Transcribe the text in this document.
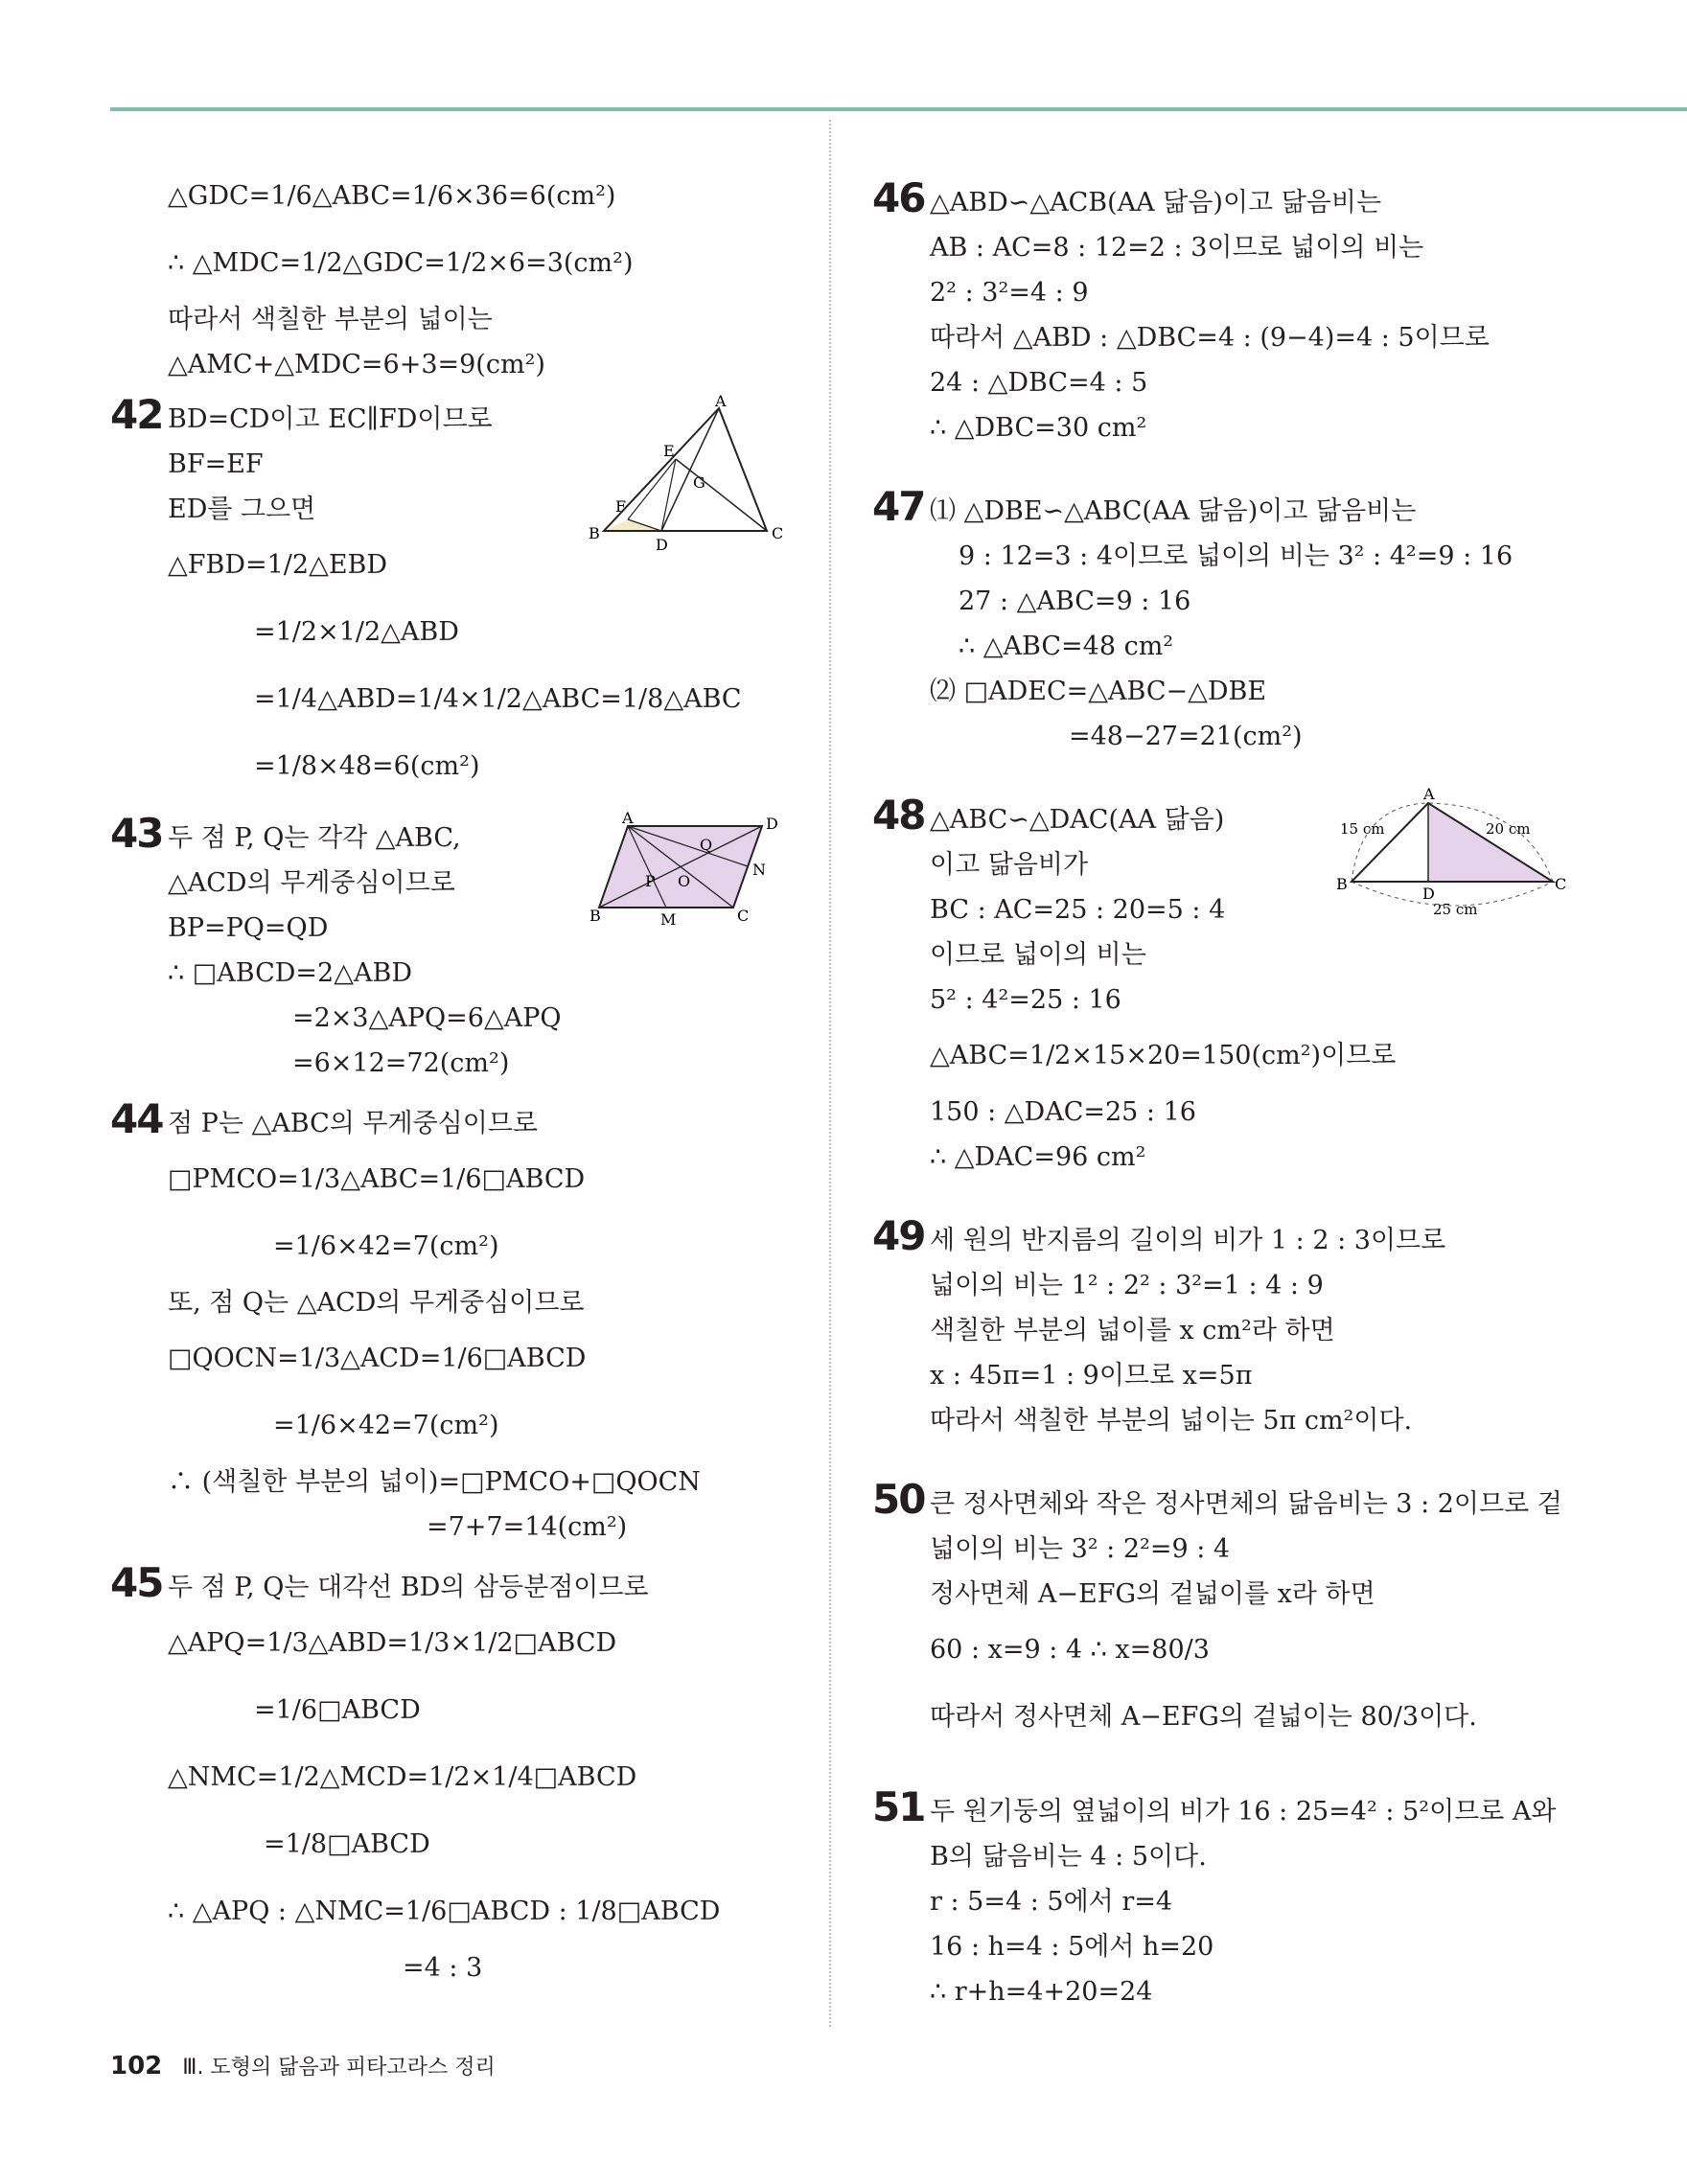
△GDC=1/6△ABC=1/6×36=6(cm²)
∴ △MDC=1/2△GDC=1/2×6=3(cm²)
따라서 색칠한 부분의 넓이는
△AMC+△MDC=6+3=9(cm²)
42 BD=CD이고 EC∥FD이므로
BF=EF
ED를 그으면
△FBD=1/2△EBD
=1/2×1/2△ABD
=1/4△ABD=1/4×1/2△ABC=1/8△ABC
=1/8×48=6(cm²)
A
E
F
G
B
D
C
43 두 점 P, Q는 각각 △ABC,
△ACD의 무게중심이므로
BP=PQ=QD
∴ □ABCD=2△ABD
=2×3△APQ=6△APQ
=6×12=72(cm²)
A	D
Q
P O
N
B	M	C
44 점 P는 △ABC의 무게중심이므로
□PMCO=1/3△ABC=1/6□ABCD
=1/6×42=7(cm²)
또, 점 Q는 △ACD의 무게중심이므로
□QOCN=1/3△ACD=1/6□ABCD
=1/6×42=7(cm²)
∴ (색칠한 부분의 넓이)=□PMCO+□QOCN
=7+7=14(cm²)
45 두 점 P, Q는 대각선 BD의 삼등분점이므로
△APQ=1/3△ABD=1/3×1/2□ABCD
=1/6□ABCD
△NMC=1/2△MCD=1/2×1/4□ABCD
=1/8□ABCD
∴ △APQ : △NMC=1/6□ABCD : 1/8□ABCD
=4 : 3
46 △ABD∽△ACB(AA 닮음)이고 닮음비는
AB : AC=8 : 12=2 : 3이므로 넓이의 비는
2² : 3²=4 : 9
따라서 △ABD : △DBC=4 : (9−4)=4 : 5이므로
24 : △DBC=4 : 5
∴ △DBC=30 cm²
47 ⑴ △DBE∽△ABC(AA 닮음)이고 닮음비는
9 : 12=3 : 4이므로 넓이의 비는 3² : 4²=9 : 16
27 : △ABC=9 : 16
∴ △ABC=48 cm²
⑵ □ADEC=△ABC−△DBE
=48−27=21(cm²)
48 △ABC∽△DAC(AA 닮음)
이고 닮음비가
BC : AC=25 : 20=5 : 4
이므로 넓이의 비는
5² : 4²=25 : 16
△ABC=1/2×15×20=150(cm²)이므로
150 : △DAC=25 : 16
∴ △DAC=96 cm²
A
15 cm	20 cm
B
D
C
25 cm
49 세 원의 반지름의 길이의 비가 1 : 2 : 3이므로
넓이의 비는 1² : 2² : 3²=1 : 4 : 9
색칠한 부분의 넓이를 x cm²라 하면
x : 45π=1 : 9이므로 x=5π
따라서 색칠한 부분의 넓이는 5π cm²이다.
50 큰 정사면체와 작은 정사면체의 닮음비는 3 : 2이므로 겉
넓이의 비는 3² : 2²=9 : 4
정사면체 A−EFG의 겉넓이를 x라 하면
60 : x=9 : 4 ∴ x=80/3
따라서 정사면체 A−EFG의 겉넓이는 80/3이다.
51 두 원기둥의 옆넓이의 비가 16 : 25=4² : 5²이므로 A와
B의 닮음비는 4 : 5이다.
r : 5=4 : 5에서 r=4
16 : h=4 : 5에서 h=20
∴ r+h=4+20=24
102 Ⅲ. 도형의 닮음과 피타고라스 정리
